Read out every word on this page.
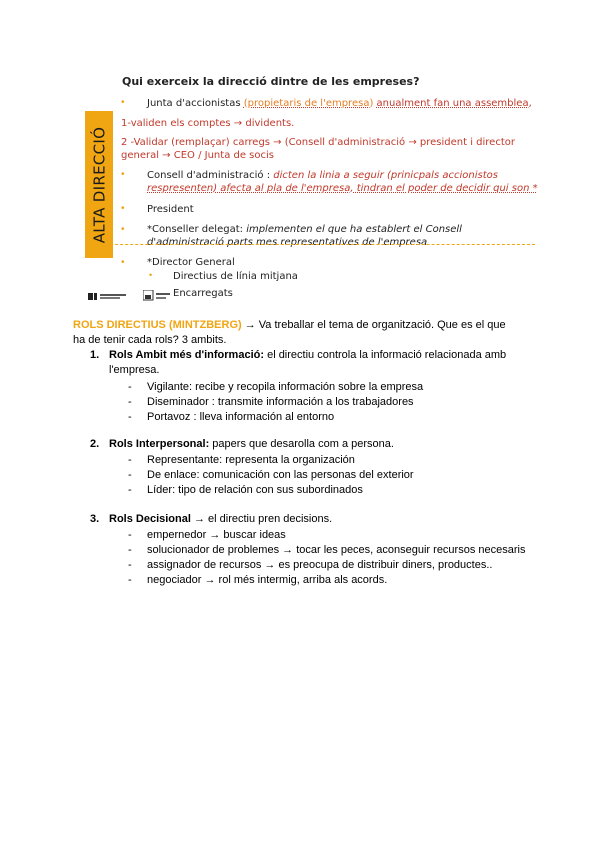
Qui exerceix la direcció dintre de les empreses?
ALTA DIRECCIÓ
• Junta d'accionistas (propietaris de l'empresa) anualment fan una assemblea,
1-validen els comptes → dividents.
2 -Validar (remplaçar) carregs → (Consell d'administració → president i director
general → CEO / Junta de socis
• Consell d'administració : dicten la linia a seguir (prinicpals accionistos
respresenten) afecta al pla de l'empresa, tindran el poder de decidir qui son *
• President
• *Conseller delegat: implementen el que ha establert el Consell
d'administració parts mes representatives de l'empresa
• *Director General
• Directius de línia mitjana
Encarregats
ROLS DIRECTIUS (MINTZBERG) → Va treballar el tema de organització. Que es el que
ha de tenir cada rols? 3 ambits.
1. Rols Ambit més d'informació: el directiu controla la informació relacionada amb
l'empresa.
- Vigilante: recibe y recopila información sobre la empresa
- Diseminador : transmite información a los trabajadores
- Portavoz : lleva información al entorno
2. Rols Interpersonal: papers que desarolla com a persona.
- Representante: representa la organización
- De enlace: comunicación con las personas del exterior
- Líder: tipo de relación con sus subordinados
3. Rols Decisional → el directiu pren decisions.
- empernedor → buscar ideas
- solucionador de problemes → tocar les peces, aconseguir recursos necesaris
- assignador de recursos → es preocupa de distribuir diners, productes..
- negociador → rol més intermig, arriba als acords.
